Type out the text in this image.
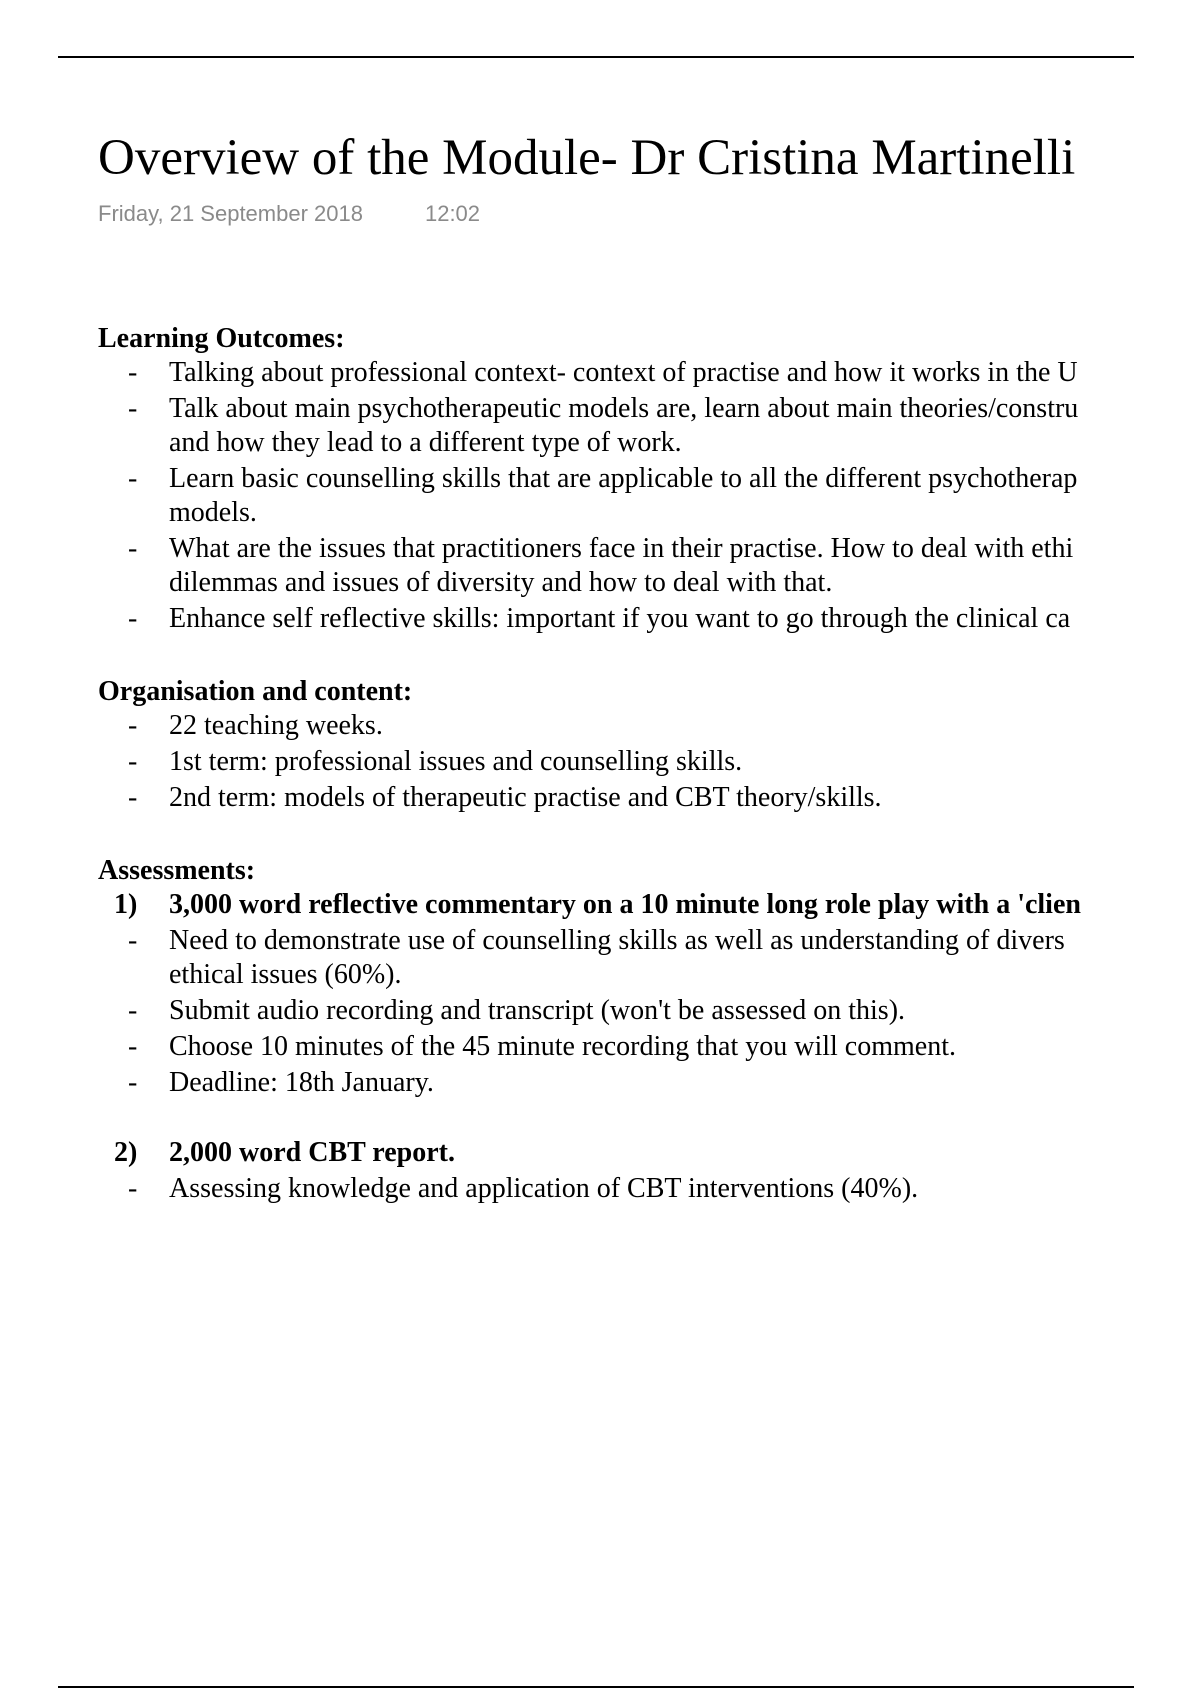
Overview of the Module- Dr Cristina Martinelli
Friday, 21 September 2018	12:02

Learning Outcomes:

- Talking about professional context- context of practise and how it works in the U
- Talk about main psychotherapeutic models are, learn about main theories/constru
and how they lead to a different type of work.
- Learn basic counselling skills that are applicable to all the different psychotherap
models.
- What are the issues that practitioners face in their practise. How to deal with ethi
dilemmas and issues of diversity and how to deal with that.
- Enhance self reflective skills: important if you want to go through the clinical ca

Organisation and content:

- 22 teaching weeks.
- 1st term: professional issues and counselling skills.
- 2nd term: models of therapeutic practise and CBT theory/skills.

Assessments:

1) 3,000 word reflective commentary on a 10 minute long role play with a 'clien
- Need to demonstrate use of counselling skills as well as understanding of divers
ethical issues (60%).
- Submit audio recording and transcript (won't be assessed on this).
- Choose 10 minutes of the 45 minute recording that you will comment.
- Deadline: 18th January.
2) 2,000 word CBT report.
- Assessing knowledge and application of CBT interventions (40%).
